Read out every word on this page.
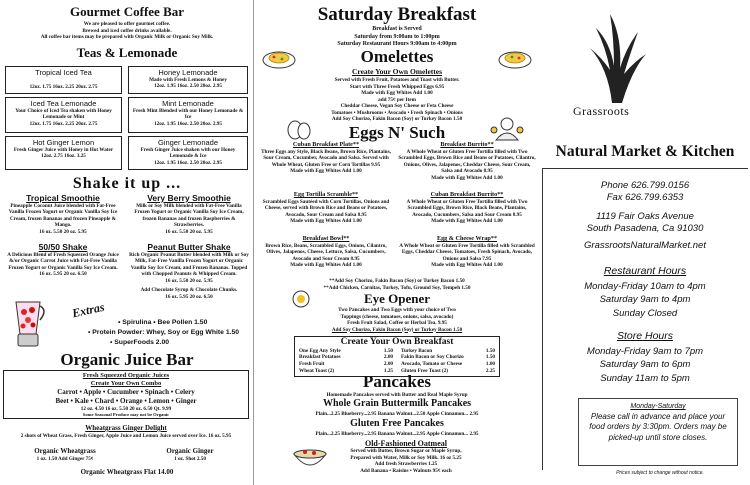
Gourmet Coffee Bar
We are pleased to offer gourmet coffee.
Brewed and iced coffee drinks available.
All coffee bar items may be prepared with Organic Milk or Organic Soy Milk.
Teas & Lemonade
Tropical Iced Tea
12oz. 1.75 16oz. 2.25 20oz. 2.75
Honey Lemonade
Made with Fresh Lemons & Honey
12oz. 1.95 16oz. 2.50 20oz. 2.95
Iced Tea Lemonade
Your Choice of Iced Tea shaken with Honey Lemonade or Mint
12oz. 1.75 16oz. 2.25 20oz. 2.75
Mint Lemonade
Fresh Mint Blended with our Honey Lemonade & Ice
12oz. 1.95 16oz. 2.50 20oz. 2.95
Hot Ginger Lemon
Fresh Ginger Juice with Honey in Hot Water
12oz. 2.75 16oz. 3.25
Ginger Lemonade
Fresh Ginger Juice shaken with our Honey Lemonade & Ice
12oz. 1.95 16oz. 2.50 20oz. 2.95
Shake it up ...
Tropical Smoothie
Pineapple Coconut Juice blended with Fat-Free Vanilla Frozen Yogurt or Organic Vanilla Soy Ice Cream, frozen Bananas and frozen Pineapple & Mango.
16 oz. 5.50 20 oz. 5.95
Very Berry Smoothie
Milk or Soy Milk blended with Fat-Free Vanilla Frozen Yogurt or Organic Vanilla Soy Ice Cream, frozen Bananas and frozen Raspberries & Strawberries.
16 oz. 5.50 20 oz. 5.95
50/50 Shake
A Delicious Blend of Fresh Squeezed Orange Juice &/or Organic Carrot Juice with Fat-Free Vanilla Frozen Yogurt or Organic Vanilla Soy Ice Cream.
16 oz. 5.95 20 oz. 6.50
Peanut Butter Shake
Rich Organic Peanut Butter blended with Milk or Soy Milk, Fat-Free Vanilla Frozen Yogurt or Organic Vanilla Soy Ice Cream, and Frozen Bananas. Topped with Chopped Peanuts & Whipped Cream.
16 oz. 5.50 20 oz. 5.95
Add Chocolate Syrup & Chocolate Chunks.
16 oz. 5.95 20 oz. 6.50
Extras
• Spirulina • Bee Pollen 1.50
• Protein Powder: Whey, Soy or Egg White 1.50
• SuperFoods 2.00
Organic Juice Bar
Fresh Squeezed Organic Juices
Create Your Own Combo
Carrot • Apple • Cucumber • Spinach • Celery
Beet • Kale • Chard • Orange • Lemon • Ginger
12 oz. 4.50 16 oz. 5.50 20 oz. 6.50 Qt. 9.99
Some Seasonal Produce may not be Organic
Wheatgrass Ginger Delight
2 shots of Wheat Grass, Fresh Ginger, Apple Juice and Lemon Juice served over Ice. 16 oz. 5.95
Organic Wheatgrass
1 oz. 1.50 Add Ginger 75¢
Organic Ginger
1 oz. Shot 2.50
Organic Wheatgrass Flat 14.00
Saturday Breakfast
Breakfast is Served
Saturday from 9:00am to 1:00pm
Saturday Restaurant Hours 9:00am to 4:00pm
Omelettes
Create Your Own Omelettes
Served with Fresh Fruit, Potatoes and Toast with Butter.
Start with Three Fresh Whipped Eggs 6.95
Made with Egg Whites Add 1.00
add 75¢ per Item
Cheddar Cheese, Vegan Soy Cheese or Feta Cheese
Tomatoes • Mushrooms • Avocado • Fresh Spinach • Onions
Add Soy Chorizo, Fakin Bacon (Soy) or Turkey Bacon 1.50
Eggs N' Such
Cuban Breakfast Plate**
Three Eggs any Style, Black Beans, Brown Rice, Plantains, Sour Cream, Cucumber, Avocado and Salsa. Served with Whole Wheat, Gluten Free or Corn Tortillas 9.95
Made with Egg Whites Add 1.00
Breakfast Burrito**
A Whole Wheat or Gluten Free Tortilla filled with Two Scrambled Eggs, Brown Rice and Beans or Potatoes, Cilantro, Onions, Olives, Jalapenos, Cheddar Cheese, Sour Cream, Salsa and Avocado 8.95
Made with Egg Whites Add 1.00
Egg Tortilla Scramble**
Scrambled Eggs Sautéed with Corn Tortillas, Onions and Cheese, served with Brown Rice and Beans or Potatoes, Avocado, Sour Cream and Salsa 8.95
Made with Egg Whites Add 1.00
Cuban Breakfast Burrito**
A Whole Wheat or Gluten Free Tortilla filled with Two Scrambled Eggs, Brown Rice, Black Beans, Plantains, Avocado, Cucumbers, Salsa and Sour Cream 8.95
Made with Egg Whites Add 1.00
Breakfast Bowl**
Brown Rice, Beans, Scrambled Eggs, Onions, Cilantro, Olives, Jalapenos, Cheese, Lettuce, Salsa, Cucumbers, Avocado and Sour Cream 8.95
Made with Egg Whites Add 1.00
Egg & Cheese Wrap**
A Whole Wheat or Gluten Free Tortilla filled with Scrambled Eggs, Cheddar Cheese, Tomatoes, Fresh Spinach, Avocado, Onions and Salsa 7.95
Made with Egg Whites Add 1.00
**Add Soy Chorizo, Fakin Bacon (Soy) or Turkey Bacon 1.50
**Add Chicken, Carnitas, Turkey, Tofu, Ground Soy, Tempeh 1.50
Eye Opener
Two Pancakes and Two Eggs with your choice of Two
Toppings (cheese, tomatoes, onions, salsa, avocado)
Fresh Fruit Salad, Coffee or Herbal Tea. 9.95
Add Soy Chorizo, Fakin Bacon (Soy) or Turkey Bacon 1.50
Create Your Own Breakfast
One Egg Any Style	1.50 Turkey Bacon	1.50
Breakfast Potatoes	2.00 Fakin Bacon or Soy Chorizo	1.50
Fresh Fruit	2.00 Avocado, Tomato or Cheese	1.00
Wheat Toast (2)	1.25 Gluten Free Toast (2)	2.25
Pancakes
Homemade Pancakes served with Butter and Real Maple Syrup
Whole Grain Buttermilk Pancakes
Plain...2.25 Blueberry...2.95 Banana Walnut...2.50 Apple Cinnamon... 2.95
Gluten Free Pancakes
Plain...2.25 Blueberry...2.95 Banana Walnut...2.95 Apple Cinnamon... 2.95
Old-Fashioned Oatmeal
Served with Butter, Brown Sugar or Maple Syrup,
Prepared with Water, Milk or Soy Milk. 16 oz 5.25
Add fresh Strawberries 1.25
Add Banana • Raisins • Walnuts 95¢ each
Grassroots
Natural Market & Kitchen
Phone 626.799.0156
Fax 626.799.6353
1119 Fair Oaks Avenue
South Pasadena, Ca 91030
GrassrootsNaturalMarket.net
Restaurant Hours
Monday-Friday 10am to 4pm
Saturday 9am to 4pm
Sunday Closed
Store Hours
Monday-Friday 9am to 7pm
Saturday 9am to 6pm
Sunday 11am to 5pm
Monday-Saturday
Please call in advance and place your food orders by 3:30pm. Orders may be picked-up until store closes.
Prices subject to change without notice.
